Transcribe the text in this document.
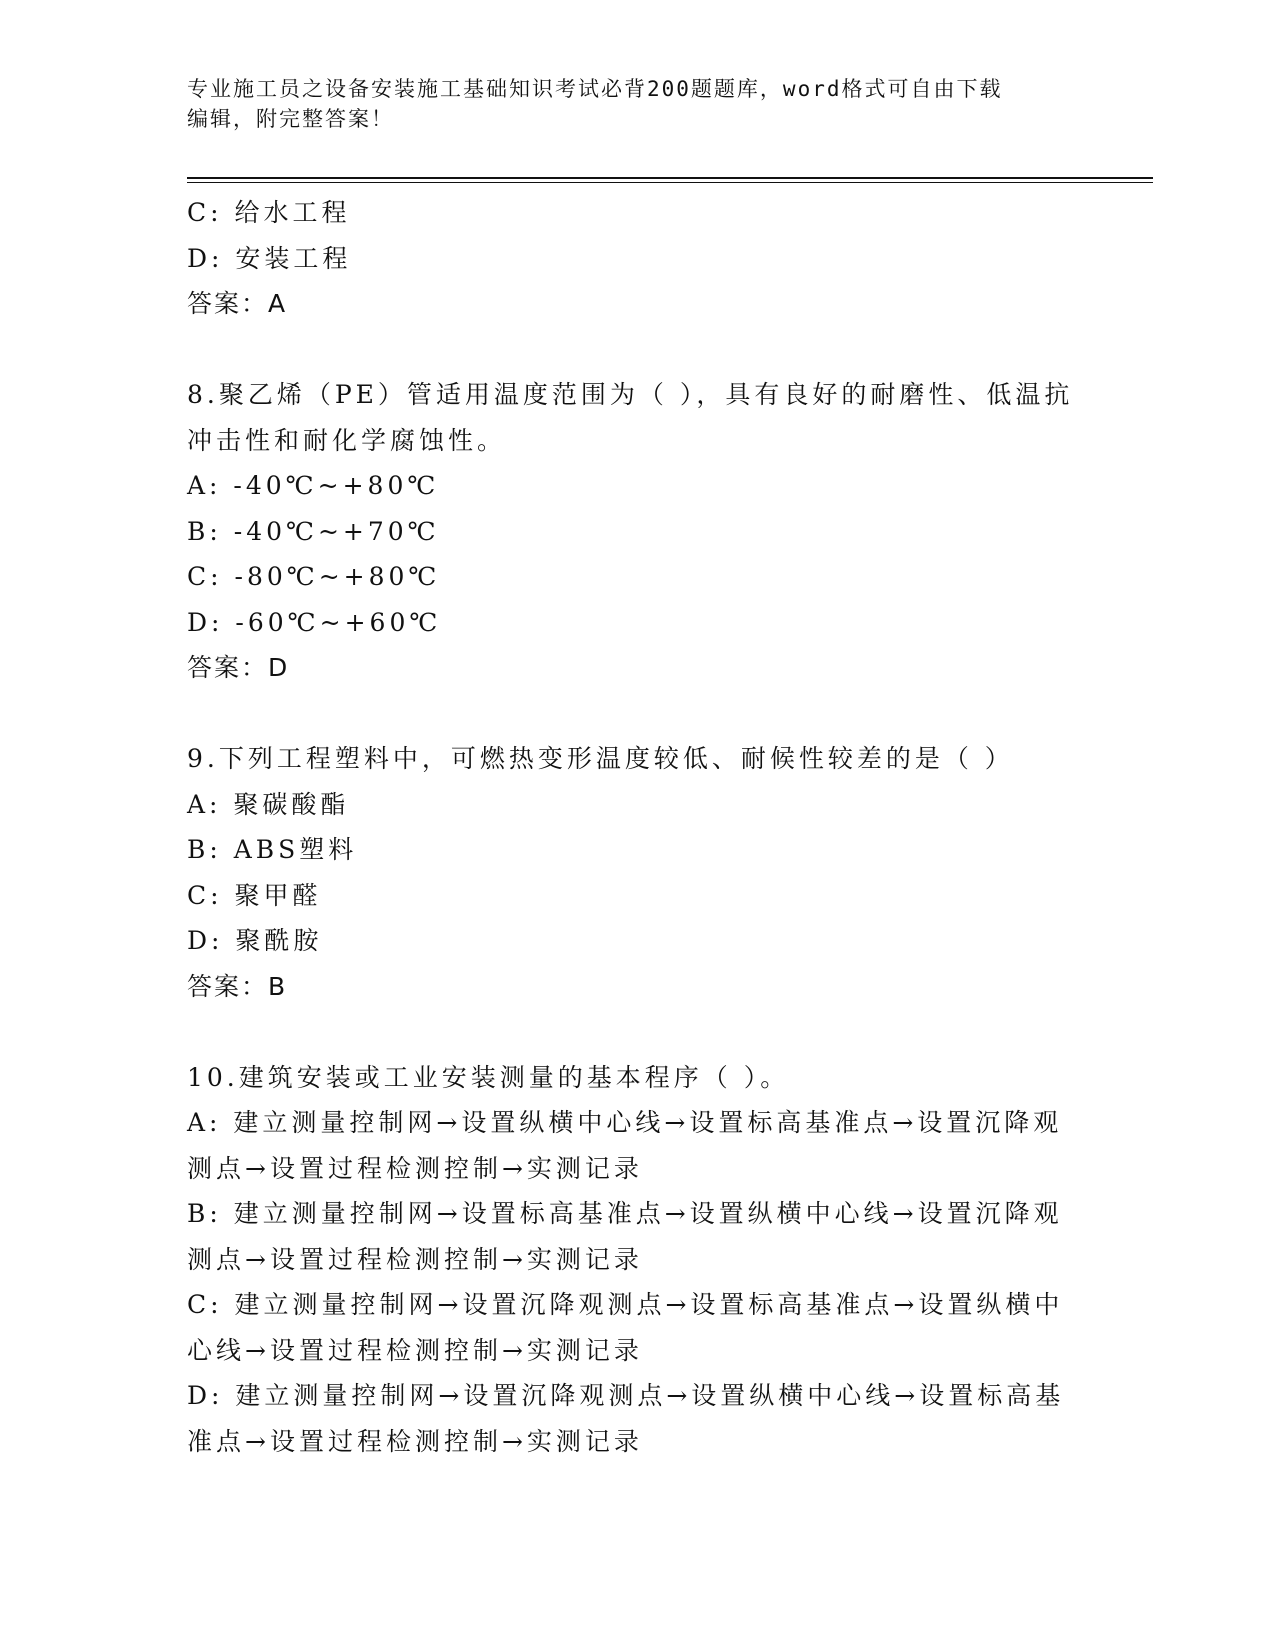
专业施工员之设备安装施工基础知识考试必背200题题库，word格式可自由下载
编辑，附完整答案！
C: 给水工程
D: 安装工程
答案：A
8.聚乙烯（PE）管适用温度范围为（ ），具有良好的耐磨性、低温抗
冲击性和耐化学腐蚀性。
A: -40℃~+80℃
B: -40℃~+70℃
C: -80℃~+80℃
D: -60℃~+60℃
答案：D
9.下列工程塑料中，可燃热变形温度较低、耐候性较差的是（ ）
A: 聚碳酸酯
B: ABS塑料
C: 聚甲醛
D: 聚酰胺
答案：B
10.建筑安装或工业安装测量的基本程序（ ）。
A: 建立测量控制网→设置纵横中心线→设置标高基准点→设置沉降观
测点→设置过程检测控制→实测记录
B: 建立测量控制网→设置标高基准点→设置纵横中心线→设置沉降观
测点→设置过程检测控制→实测记录
C: 建立测量控制网→设置沉降观测点→设置标高基准点→设置纵横中
心线→设置过程检测控制→实测记录
D: 建立测量控制网→设置沉降观测点→设置纵横中心线→设置标高基
准点→设置过程检测控制→实测记录
